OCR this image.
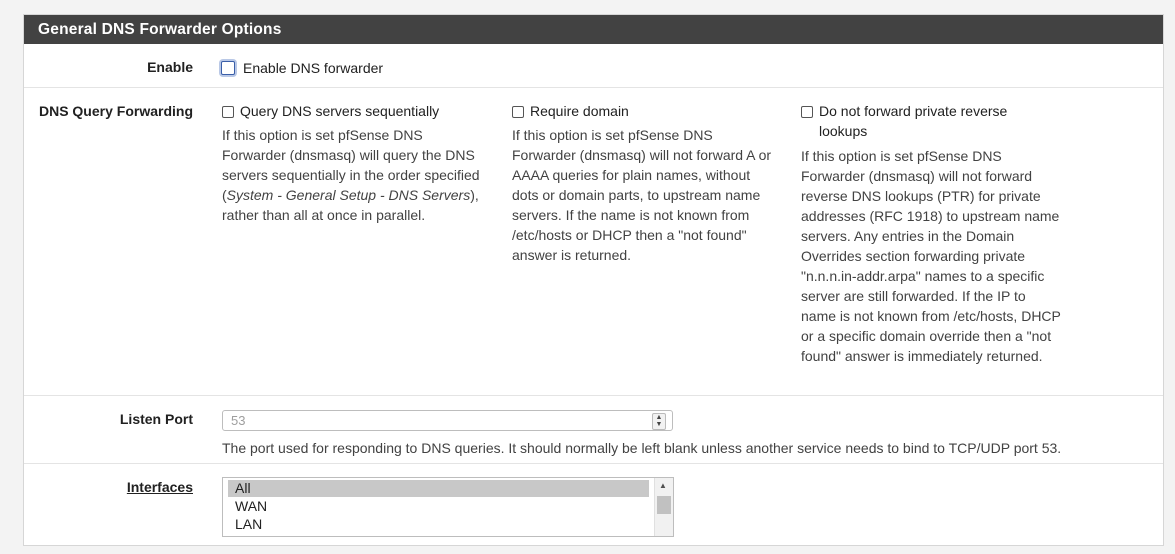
General DNS Forwarder Options
Enable	Enable DNS forwarder
DNS Query Forwarding	Query DNS servers sequentially
If this option is set pfSense DNS Forwarder (dnsmasq) will query the DNS servers sequentially in the order specified (System - General Setup - DNS Servers), rather than all at once in parallel.
Require domain
If this option is set pfSense DNS Forwarder (dnsmasq) will not forward A or AAAA queries for plain names, without dots or domain parts, to upstream name servers. If the name is not known from /etc/hosts or DHCP then a "not found" answer is returned.
Do not forward private reverse lookups
If this option is set pfSense DNS Forwarder (dnsmasq) will not forward reverse DNS lookups (PTR) for private addresses (RFC 1918) to upstream name servers. Any entries in the Domain Overrides section forwarding private "n.n.n.in-addr.arpa" names to a specific server are still forwarded. If the IP to name is not known from /etc/hosts, DHCP or a specific domain override then a "not found" answer is immediately returned.
Listen Port	53	▲
▼
The port used for responding to DNS queries. It should normally be left blank unless another service needs to bind to TCP/UDP port 53.
Interfaces	All
WAN
LAN
▲
